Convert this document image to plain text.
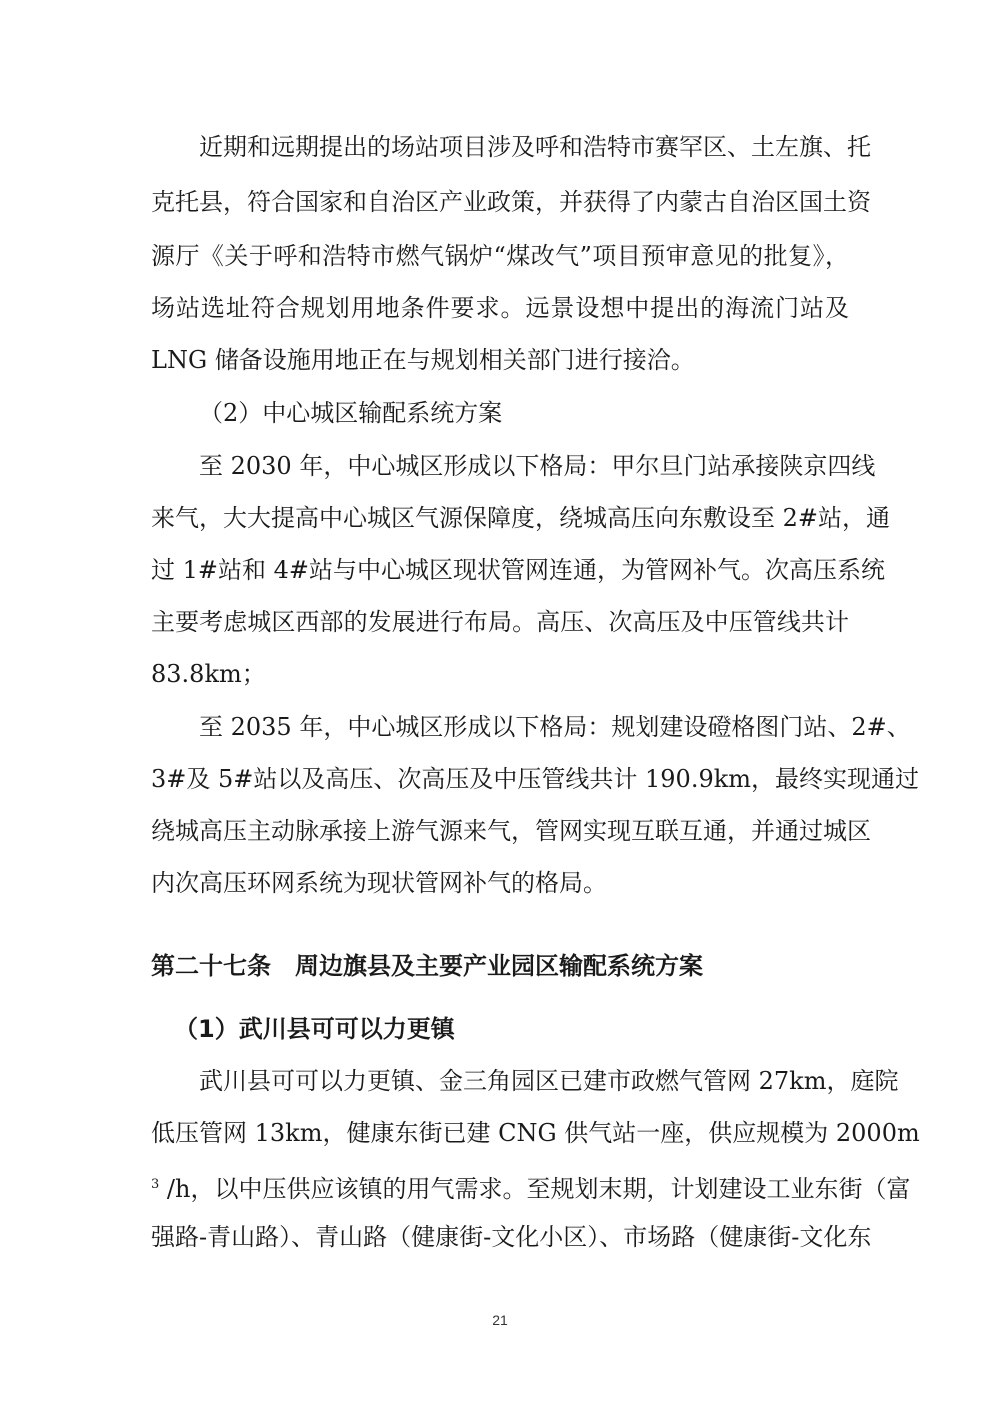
近期和远期提出的场站项目涉及呼和浩特市赛罕区、土左旗、托
克托县，符合国家和自治区产业政策，并获得了内蒙古自治区国土资
源厅《关于呼和浩特市燃气锅炉“煤改气”项目预审意见的批复》，
场站选址符合规划用地条件要求。远景设想中提出的海流门站及
LNG 储备设施用地正在与规划相关部门进行接洽。
（2）中心城区输配系统方案
至 2030 年，中心城区形成以下格局：甲尔旦门站承接陕京四线
来气，大大提高中心城区气源保障度，绕城高压向东敷设至 2#站，通
过 1#站和 4#站与中心城区现状管网连通，为管网补气。次高压系统
主要考虑城区西部的发展进行布局。高压、次高压及中压管线共计
83.8km；
至 2035 年，中心城区形成以下格局：规划建设磴格图门站、2#、
3#及 5#站以及高压、次高压及中压管线共计 190.9km，最终实现通过
绕城高压主动脉承接上游气源来气，管网实现互联互通，并通过城区
内次高压环网系统为现状管网补气的格局。
第二十七条　周边旗县及主要产业园区输配系统方案
（1）武川县可可以力更镇
武川县可可以力更镇、金三角园区已建市政燃气管网 27km，庭院
低压管网 13km，健康东街已建 CNG 供气站一座，供应规模为 2000m
$^3$ /h，以中压供应该镇的用气需求。至规划末期，计划建设工业东街（富
强路-青山路）、青山路（健康街-文化小区）、市场路（健康街-文化东
21
